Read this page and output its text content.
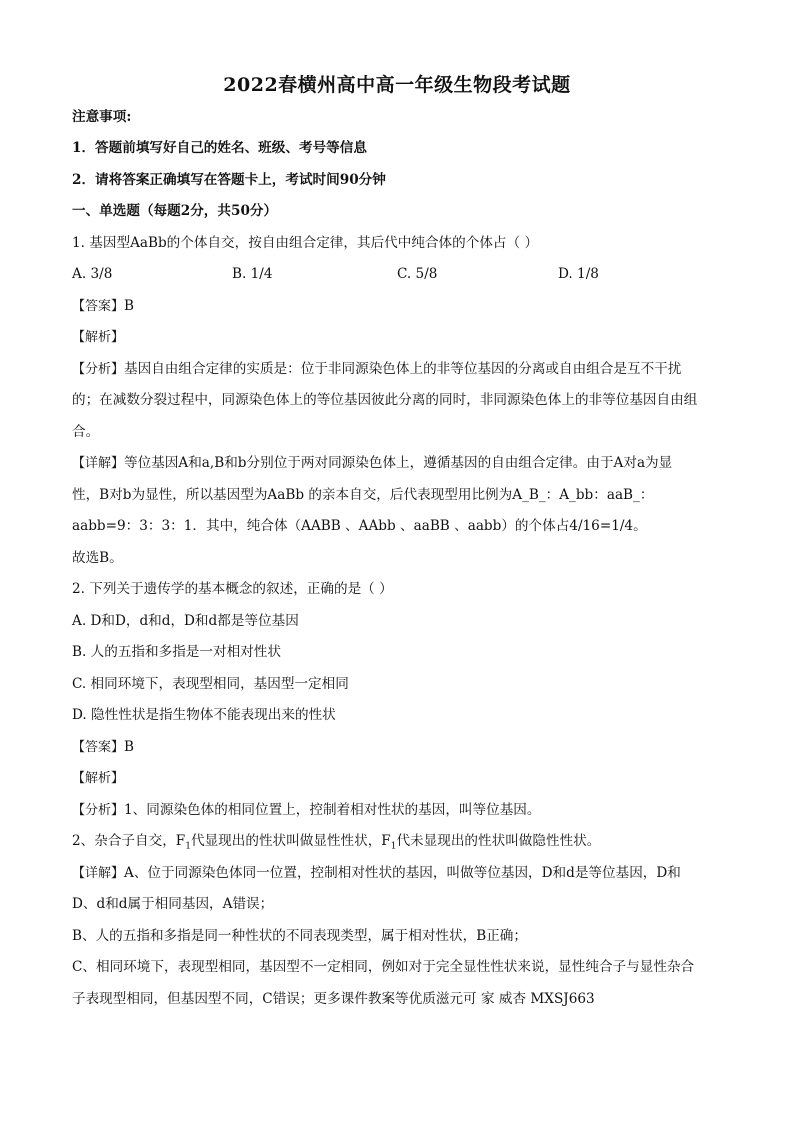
2022春横州高中高一年级生物段考试题
注意事项:
1．答题前填写好自己的姓名、班级、考号等信息
2．请将答案正确填写在答题卡上，考试时间90分钟
一、单选题（每题2分，共50分）
1. 基因型AaBb的个体自交，按自由组合定律，其后代中纯合体的个体占（ ）
A. 3/8	B. 1/4	C. 5/8	D. 1/8
【答案】B
【解析】
【分析】基因自由组合定律的实质是：位于非同源染色体上的非等位基因的分离或自由组合是互不干扰
的；在减数分裂过程中，同源染色体上的等位基因彼此分离的同时，非同源染色体上的非等位基因自由组
合。
【详解】等位基因A和a,B和b分别位于两对同源染色体上，遵循基因的自由组合定律。由于A对a为显
性，B对b为显性，所以基因型为AaBb 的亲本自交，后代表现型用比例为A_B_：A_bb：aaB_：
aabb=9：3：3：1．其中，纯合体（AABB 、AAbb 、aaBB 、aabb）的个体占4/16=1/4。
故选B。
2. 下列关于遗传学的基本概念的叙述，正确的是（ ）
A. D和D，d和d，D和d都是等位基因
B. 人的五指和多指是一对相对性状
C. 相同环境下，表现型相同，基因型一定相同
D. 隐性性状是指生物体不能表现出来的性状
【答案】B
【解析】
【分析】1、同源染色体的相同位置上，控制着相对性状的基因，叫等位基因。
2、杂合子自交，$F_1$代显现出的性状叫做显性性状，$F_1$代未显现出的性状叫做隐性性状。
【详解】A、位于同源染色体同一位置，控制相对性状的基因，叫做等位基因，D和d是等位基因，D和
D、d和d属于相同基因，A错误；
B、人的五指和多指是同一种性状的不同表现类型，属于相对性状，B正确；
C、相同环境下，表现型相同，基因型不一定相同，例如对于完全显性性状来说，显性纯合子与显性杂合
子表现型相同，但基因型不同，C错误；更多课件教案等优质滋元可 家 威杏 MXSJ663
